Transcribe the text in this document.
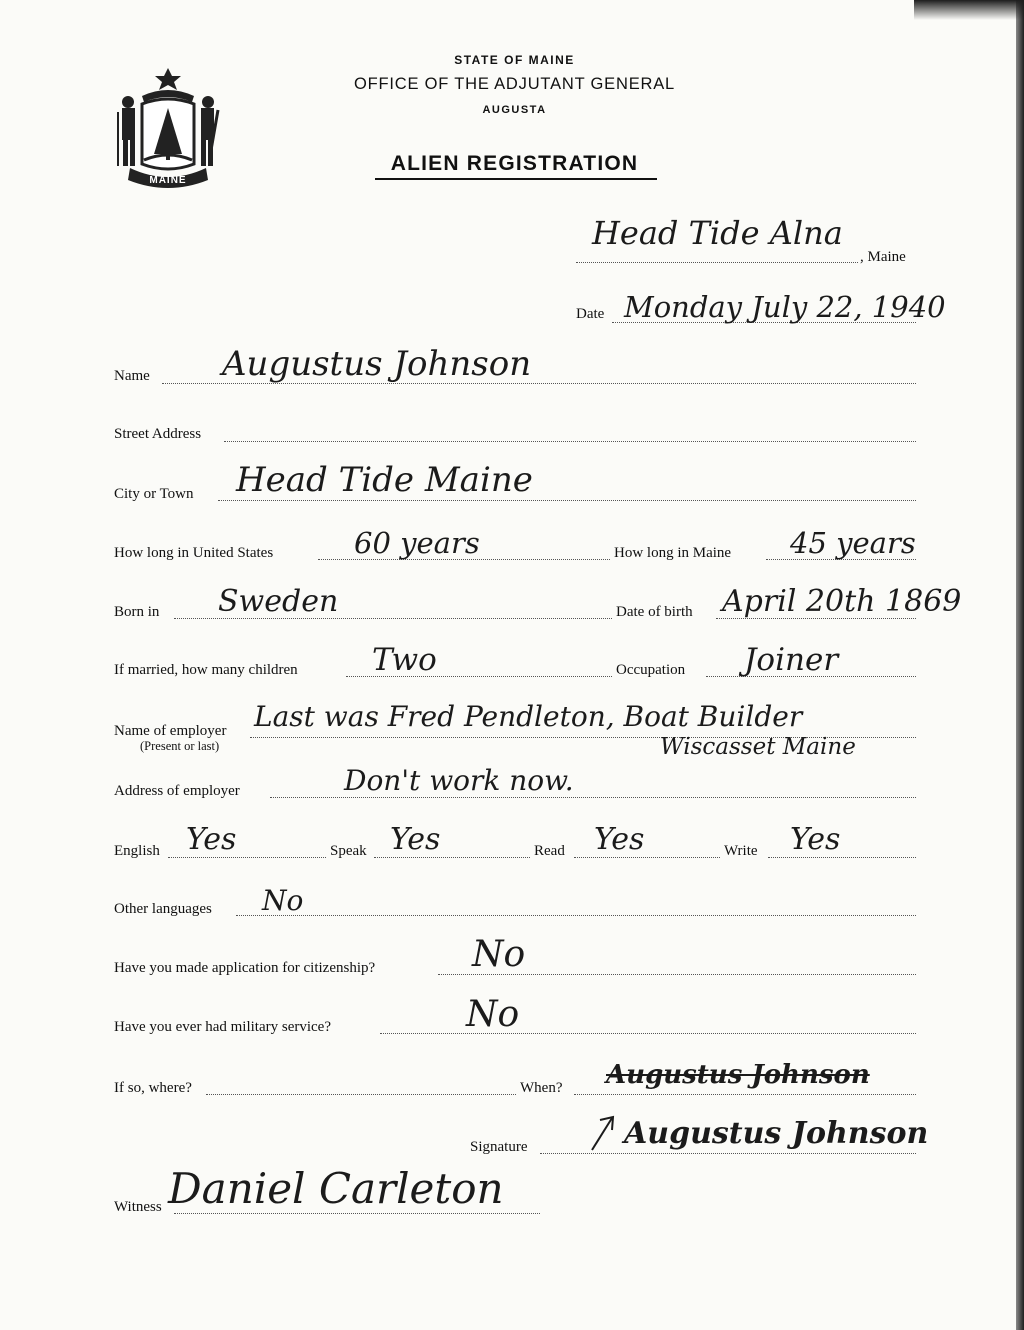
MAINE
STATE OF MAINE
OFFICE OF THE ADJUTANT GENERAL
AUGUSTA
ALIEN REGISTRATION
Head Tide Alna
, Maine
Date Monday July 22, 1940
Name Augustus Johnson
Street Address
City or Town Head Tide Maine
How long in United States	60 years	How long in Maine 45 years
Born in Sweden	Date of birth April 20th 1869
If married, how many children Two	Occupation Joiner
Name of employer
(Present or last)
Last was Fred Pendleton, Boat Builder
Wiscasset Maine
Address of employer	Don't work now.
English Yes	Speak Yes	Read Yes	Write Yes
Other languages No
Have you made application for citizenship?	No
Have you ever had military service?	No
If so, where?	When? Augustus Johnson
Signature	Augustus Johnson
Witness Daniel Carleton
